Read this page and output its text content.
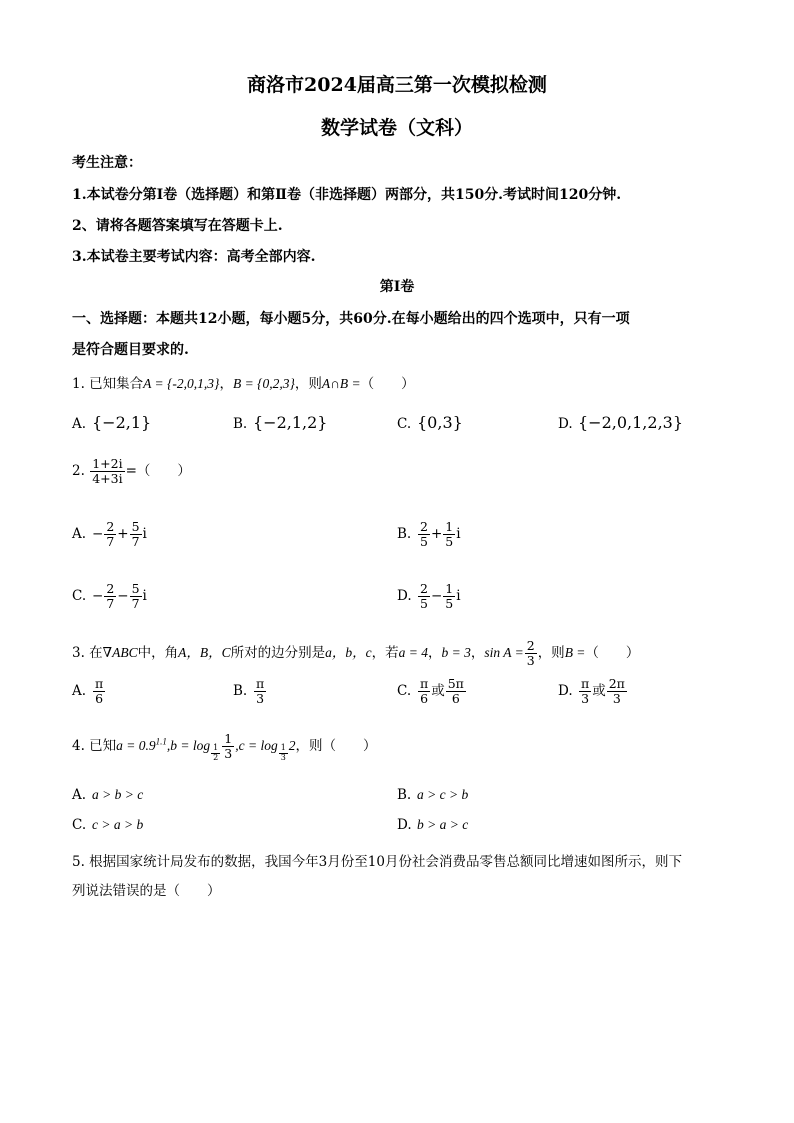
商洛市2024届高三第一次模拟检测
数学试卷（文科）
考生注意：
1.本试卷分第Ⅰ卷（选择题）和第Ⅱ卷（非选择题）两部分，共150分.考试时间120分钟.
2、请将各题答案填写在答题卡上.
3.本试卷主要考试内容：高考全部内容.
第Ⅰ卷
一、选择题：本题共12小题，每小题5分，共60分.在每小题给出的四个选项中，只有一项
是符合题目要求的.
1. 已知集合A = {-2,0,1,3}，B = {0,2,3}，则A∩B =（　　）
A. {−2,1}	B. {−2,1,2}	C. {0,3}	D. {−2,0,1,2,3}
2. $\frac{1+2i}{4+3i}$ =（　　）
A. − $\frac{2}{7} + \frac{5}{7}$ i	B. $\frac{2}{5} + \frac{1}{5}$ i
C. − $\frac{2}{7} - \frac{5}{7}$ i	D. $\frac{2}{5} - \frac{1}{5}$ i
3. 在∇ABC中，角A，B，C所对的边分别是a，b，c，若a = 4，b = 3，$\sin A = \frac{2}{3}$ ，则B =（　　）
A. $\frac{\pi}{6}$	B. $\frac{\pi}{3}$	C. $\frac{\pi}{6}$ 或 $\frac{5\pi}{6}$	D. $\frac{\pi}{3}$ 或 $\frac{2\pi}{3}$
4. 已知$a = 0.9^{1.1},b = \log \frac{1}{2} \frac{1}{3} ,c = \log \frac{1}{3} 2$，则（　　）
A. a > b > c	B. a > c > b
C. c > a > b	D. b > a > c
5. 根据国家统计局发布的数据，我国今年3月份至10月份社会消费品零售总额同比增速如图所示，则下
列说法错误的是（　　）
